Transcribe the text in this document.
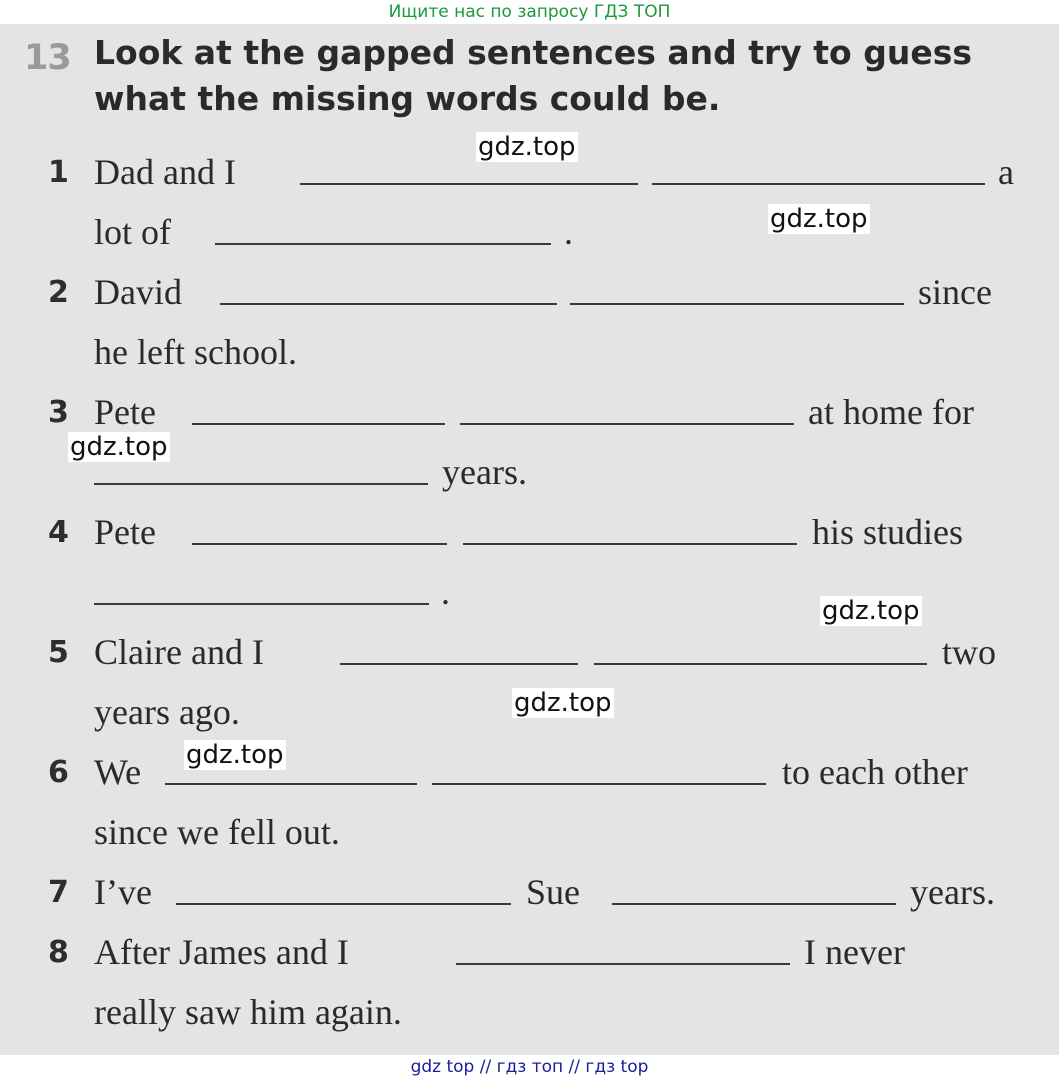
Ищите нас по запросу ГДЗ ТОП
13 Look at the gapped sentences and try to guess what the missing words could be.

1 Dad and I	a
lot of	.
2 David	since
he left school.
3 Pete	at home for
years.
4 Pete	his studies
.
5 Claire and I	two
years ago.
6 We	to each other
since we fell out.
7 I’ve	Sue	years.
8 After James and I	I never
really saw him again.
gdz.top
gdz.top
gdz.top
gdz.top
gdz.top
gdz.top
gdz top // гдз топ // гдз top
